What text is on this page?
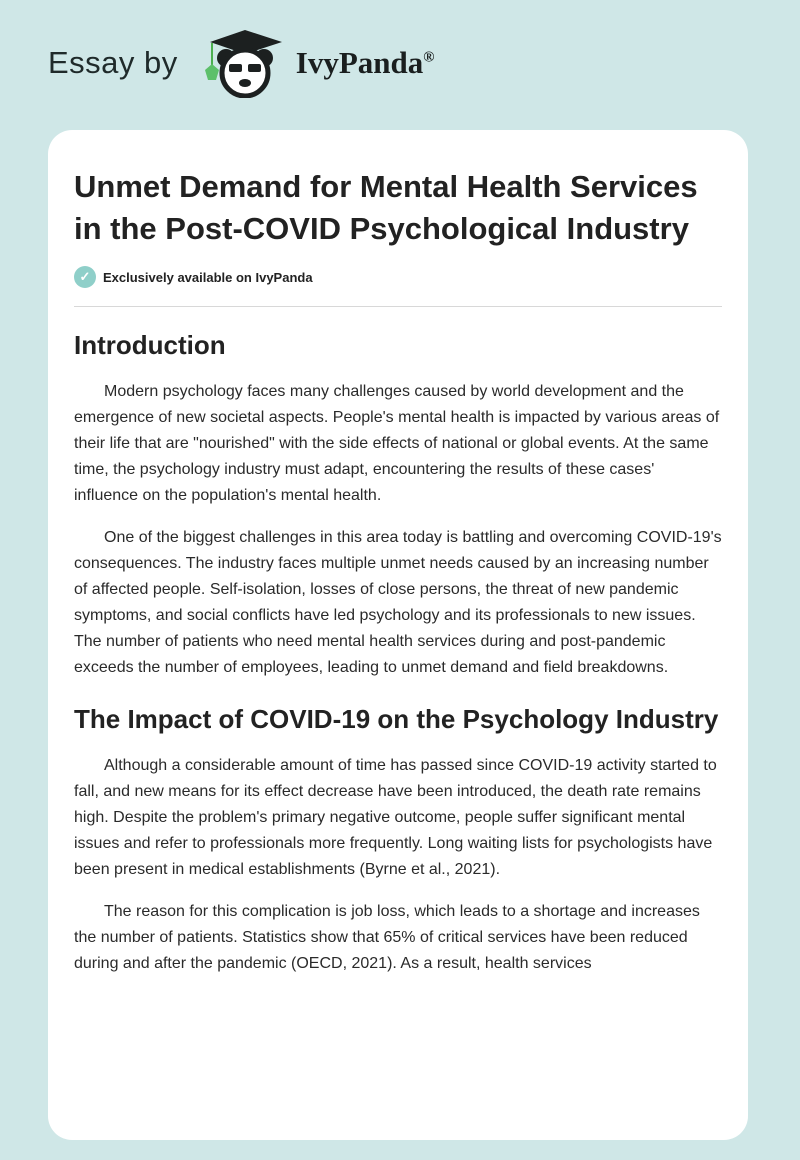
Essay by	IvyPanda®
Unmet Demand for Mental Health Services in the Post-COVID Psychological Industry
✓ Exclusively available on IvyPanda
Introduction

Modern psychology faces many challenges caused by world development and the emergence of new societal aspects. People's mental health is impacted by various areas of their life that are "nourished" with the side effects of national or global events. At the same time, the psychology industry must adapt, encountering the results of these cases' influence on the population's mental health.

One of the biggest challenges in this area today is battling and overcoming COVID-19's consequences. The industry faces multiple unmet needs caused by an increasing number of affected people. Self-isolation, losses of close persons, the threat of new pandemic symptoms, and social conflicts have led psychology and its professionals to new issues. The number of patients who need mental health services during and post-pandemic exceeds the number of employees, leading to unmet demand and field breakdowns.

The Impact of COVID-19 on the Psychology Industry

Although a considerable amount of time has passed since COVID-19 activity started to fall, and new means for its effect decrease have been introduced, the death rate remains high. Despite the problem's primary negative outcome, people suffer significant mental issues and refer to professionals more frequently. Long waiting lists for psychologists have been present in medical establishments (Byrne et al., 2021).

The reason for this complication is job loss, which leads to a shortage and increases the number of patients. Statistics show that 65% of critical services have been reduced during and after the pandemic (OECD, 2021). As a result, health services
